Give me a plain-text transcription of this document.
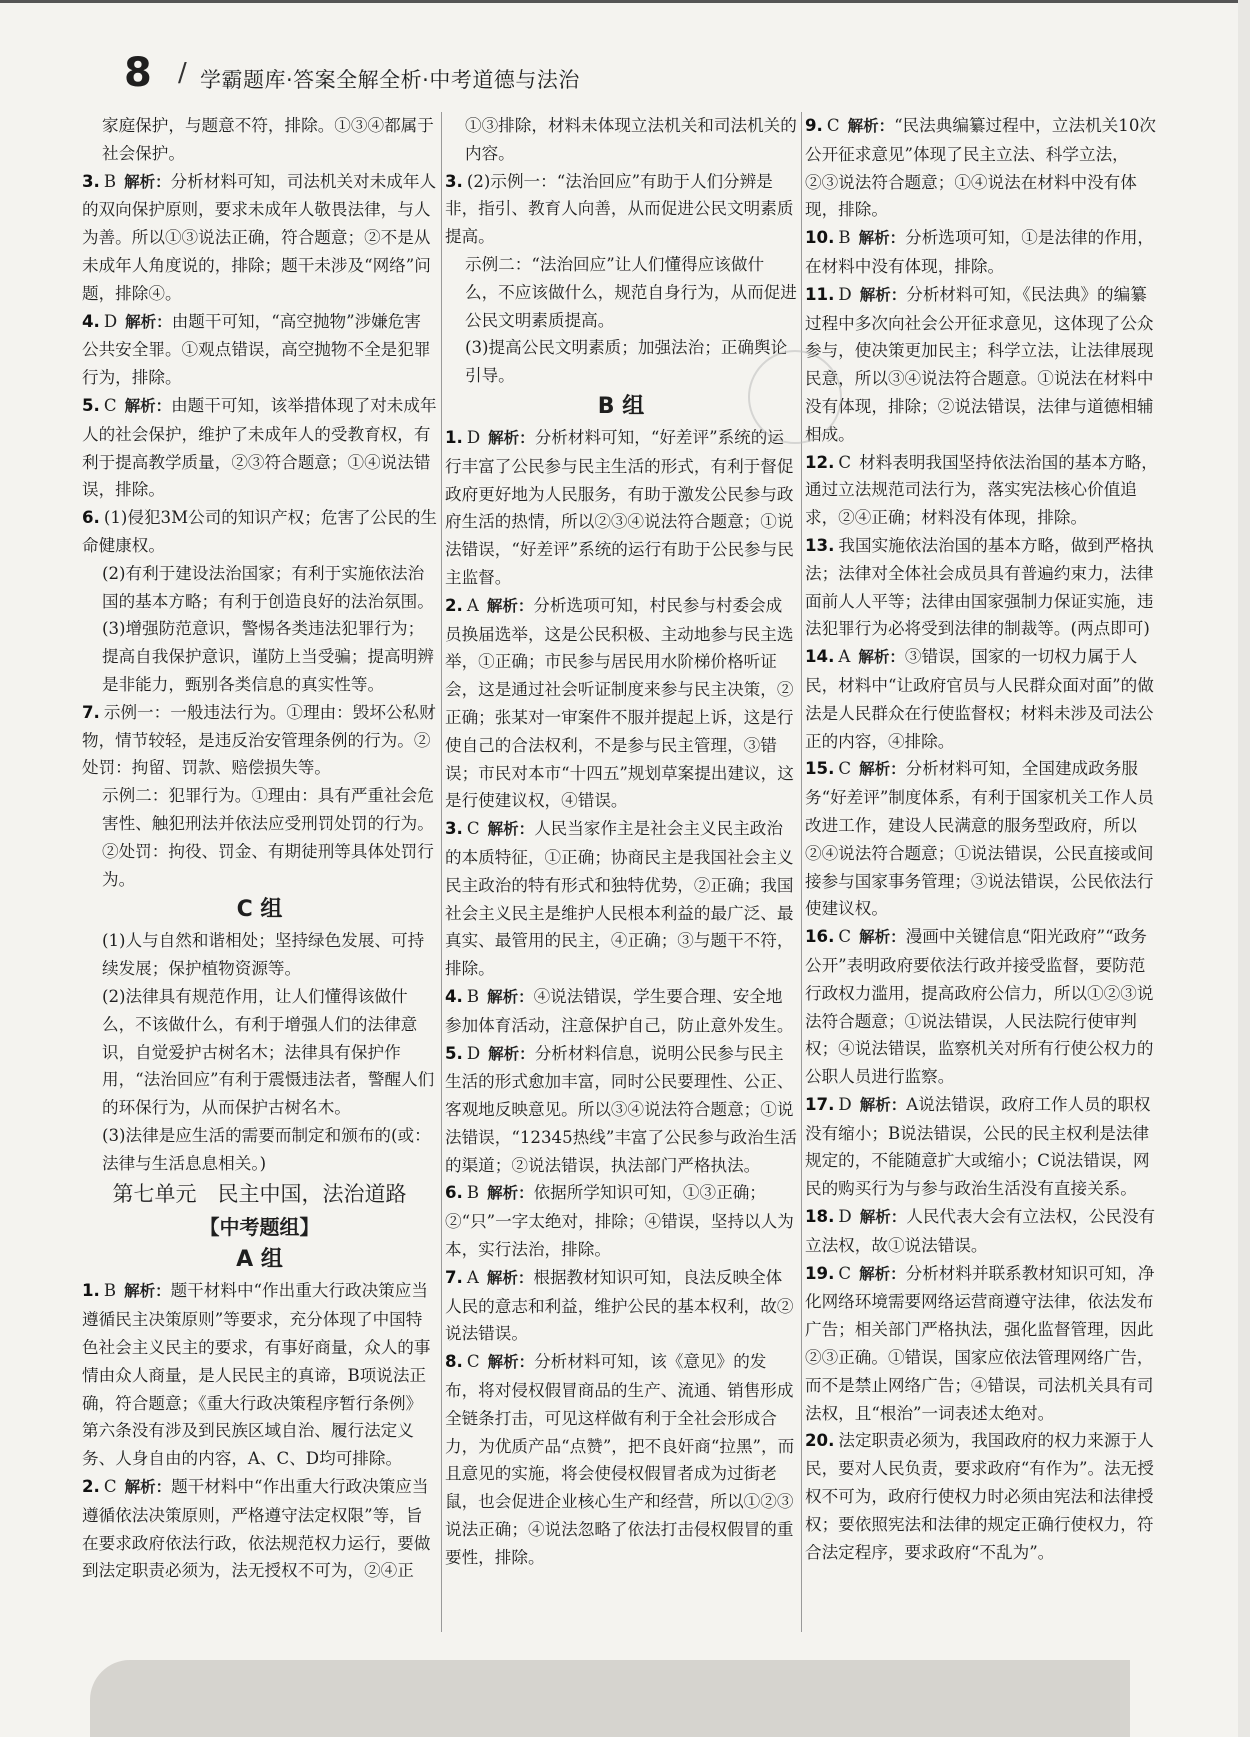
8 / 学霸题库·答案全解全析·中考道德与法治

家庭保护，与题意不符，排除。①③④都属于社会保护。

3. B 解析：分析材料可知，司法机关对未成年人的双向保护原则，要求未成年人敬畏法律，与人为善。所以①③说法正确，符合题意；②不是从未成年人角度说的，排除；题干未涉及“网络”问题，排除④。

4. D 解析：由题干可知，“高空抛物”涉嫌危害公共安全罪。①观点错误，高空抛物不全是犯罪行为，排除。

5. C 解析：由题干可知，该举措体现了对未成年人的社会保护，维护了未成年人的受教育权，有利于提高教学质量，②③符合题意；①④说法错误，排除。

6. (1)侵犯3M公司的知识产权；危害了公民的生命健康权。

(2)有利于建设法治国家；有利于实施依法治国的基本方略；有利于创造良好的法治氛围。

(3)增强防范意识，警惕各类违法犯罪行为；提高自我保护意识，谨防上当受骗；提高明辨是非能力，甄别各类信息的真实性等。

7. 示例一：一般违法行为。①理由：毁坏公私财物，情节较轻，是违反治安管理条例的行为。②处罚：拘留、罚款、赔偿损失等。

示例二：犯罪行为。①理由：具有严重社会危害性、触犯刑法并依法应受刑罚处罚的行为。②处罚：拘役、罚金、有期徒刑等具体处罚行为。

C 组

(1)人与自然和谐相处；坚持绿色发展、可持续发展；保护植物资源等。

(2)法律具有规范作用，让人们懂得该做什么，不该做什么，有利于增强人们的法律意识，自觉爱护古树名木；法律具有保护作用，“法治回应”有利于震慑违法者，警醒人们的环保行为，从而保护古树名木。

(3)法律是应生活的需要而制定和颁布的(或：法律与生活息息相关。)

第七单元　民主中国，法治道路
【中考题组】
A 组

1. B 解析：题干材料中“作出重大行政决策应当遵循民主决策原则”等要求，充分体现了中国特色社会主义民主的要求，有事好商量，众人的事情由众人商量，是人民民主的真谛，B项说法正确，符合题意；《重大行政决策程序暂行条例》第六条没有涉及到民族区域自治、履行法定义务、人身自由的内容，A、C、D均可排除。

2. C 解析：题干材料中“作出重大行政决策应当遵循依法决策原则，严格遵守法定权限”等，旨在要求政府依法行政，依法规范权力运行，要做到法定职责必须为，法无授权不可为，②④正

①③排除，材料未体现立法机关和司法机关的内容。

3. (2)示例一：“法治回应”有助于人们分辨是非，指引、教育人向善，从而促进公民文明素质提高。

示例二：“法治回应”让人们懂得应该做什么，不应该做什么，规范自身行为，从而促进公民文明素质提高。

(3)提高公民文明素质；加强法治；正确舆论引导。

B 组

1. D 解析：分析材料可知，“好差评”系统的运行丰富了公民参与民主生活的形式，有利于督促政府更好地为人民服务，有助于激发公民参与政府生活的热情，所以②③④说法符合题意；①说法错误，“好差评”系统的运行有助于公民参与民主监督。

2. A 解析：分析选项可知，村民参与村委会成员换届选举，这是公民积极、主动地参与民主选举，①正确；市民参与居民用水阶梯价格听证会，这是通过社会听证制度来参与民主决策，②正确；张某对一审案件不服并提起上诉，这是行使自己的合法权利，不是参与民主管理，③错误；市民对本市“十四五”规划草案提出建议，这是行使建议权，④错误。

3. C 解析：人民当家作主是社会主义民主政治的本质特征，①正确；协商民主是我国社会主义民主政治的特有形式和独特优势，②正确；我国社会主义民主是维护人民根本利益的最广泛、最真实、最管用的民主，④正确；③与题干不符，排除。

4. B 解析：④说法错误，学生要合理、安全地参加体育活动，注意保护自己，防止意外发生。

5. D 解析：分析材料信息，说明公民参与民主生活的形式愈加丰富，同时公民要理性、公正、客观地反映意见。所以③④说法符合题意；①说法错误，“12345热线”丰富了公民参与政治生活的渠道；②说法错误，执法部门严格执法。

6. B 解析：依据所学知识可知，①③正确；②“只”一字太绝对，排除；④错误，坚持以人为本，实行法治，排除。

7. A 解析：根据教材知识可知，良法反映全体人民的意志和利益，维护公民的基本权利，故②说法错误。

8. C 解析：分析材料可知，该《意见》的发布，将对侵权假冒商品的生产、流通、销售形成全链条打击，可见这样做有利于全社会形成合力，为优质产品“点赞”，把不良奸商“拉黑”，而且意见的实施，将会使侵权假冒者成为过街老鼠，也会促进企业核心生产和经营，所以①②③说法正确；④说法忽略了依法打击侵权假冒的重要性，排除。

9. C 解析：“民法典编纂过程中，立法机关10次公开征求意见”体现了民主立法、科学立法，②③说法符合题意；①④说法在材料中没有体现，排除。

10. B 解析：分析选项可知，①是法律的作用，在材料中没有体现，排除。

11. D 解析：分析材料可知，《民法典》的编纂过程中多次向社会公开征求意见，这体现了公众参与，使决策更加民主；科学立法，让法律展现民意，所以③④说法符合题意。①说法在材料中没有体现，排除；②说法错误，法律与道德相辅相成。

12. C 材料表明我国坚持依法治国的基本方略，通过立法规范司法行为，落实宪法核心价值追求，②④正确；材料没有体现，排除。

13. 我国实施依法治国的基本方略，做到严格执法；法律对全体社会成员具有普遍约束力，法律面前人人平等；法律由国家强制力保证实施，违法犯罪行为必将受到法律的制裁等。(两点即可)

14. A 解析：③错误，国家的一切权力属于人民，材料中“让政府官员与人民群众面对面”的做法是人民群众在行使监督权；材料未涉及司法公正的内容，④排除。

15. C 解析：分析材料可知，全国建成政务服务“好差评”制度体系，有利于国家机关工作人员改进工作，建设人民满意的服务型政府，所以②④说法符合题意；①说法错误，公民直接或间接参与国家事务管理；③说法错误，公民依法行使建议权。

16. C 解析：漫画中关键信息“阳光政府”“政务公开”表明政府要依法行政并接受监督，要防范行政权力滥用，提高政府公信力，所以①②③说法符合题意；①说法错误，人民法院行使审判权；④说法错误，监察机关对所有行使公权力的公职人员进行监察。

17. D 解析：A说法错误，政府工作人员的职权没有缩小；B说法错误，公民的民主权利是法律规定的，不能随意扩大或缩小；C说法错误，网民的购买行为与参与政治生活没有直接关系。

18. D 解析：人民代表大会有立法权，公民没有立法权，故①说法错误。

19. C 解析：分析材料并联系教材知识可知，净化网络环境需要网络运营商遵守法律，依法发布广告；相关部门严格执法，强化监督管理，因此②③正确。①错误，国家应依法管理网络广告，而不是禁止网络广告；④错误，司法机关具有司法权，且“根治”一词表述太绝对。

20. 法定职责必须为，我国政府的权力来源于人民，要对人民负责，要求政府“有作为”。法无授权不可为，政府行使权力时必须由宪法和法律授权；要依照宪法和法律的规定正确行使权力，符合法定程序，要求政府“不乱为”。
